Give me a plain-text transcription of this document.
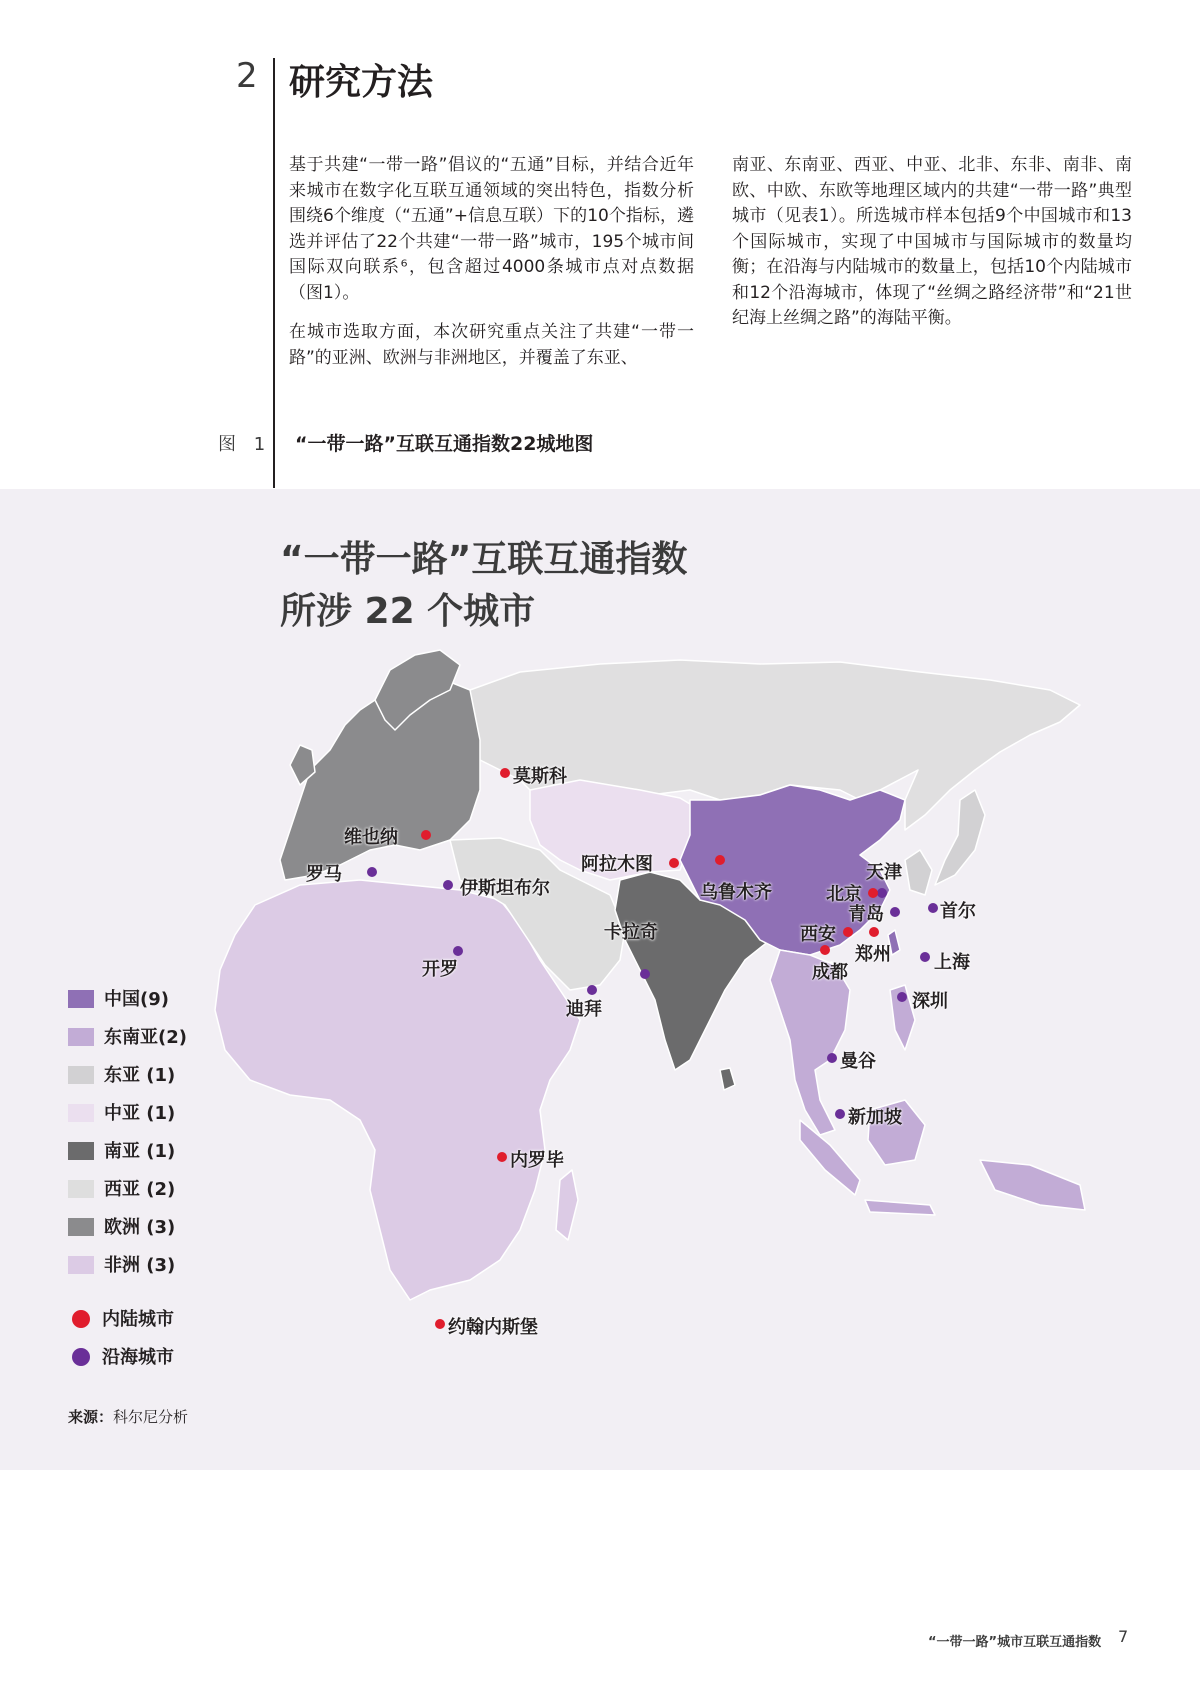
2 研究方法

基于共建“一带一路”倡议的“五通”目标，并结合近年来城市在数字化互联互通领域的突出特色，指数分析围绕6个维度（“五通”+信息互联）下的10个指标，遴选并评估了22个共建“一带一路”城市，195个城市间国际双向联系⁶，包含超过4000条城市点对点数据（图1）。

在城市选取方面，本次研究重点关注了共建“一带一路”的亚洲、欧洲与非洲地区，并覆盖了东亚、

南亚、东南亚、西亚、中亚、北非、东非、南非、南欧、中欧、东欧等地理区域内的共建“一带一路”典型城市（见表1）。所选城市样本包括9个中国城市和13个国际城市，实现了中国城市与国际城市的数量均衡；在沿海与内陆城市的数量上，包括10个内陆城市和12个沿海城市，体现了“丝绸之路经济带”和“21世纪海上丝绸之路”的海陆平衡。

图 1 “一带一路”互联互通指数22城地图
“一带一路”互联互通指数
所涉 22 个城市
中国(9)
东南亚(2)
东亚 (1)
中亚 (1)
南亚 (1)
西亚 (2)
欧洲 (3)
非洲 (3)
内陆城市
沿海城市
莫斯科
维也纳
罗马
伊斯坦布尔
开罗
阿拉木图
乌鲁木齐
卡拉奇
迪拜
天津
北京
青岛	首尔
西安
郑州
成都	上海
深圳
曼谷
新加坡
内罗毕
约翰内斯堡
来源：科尔尼分析
“一带一路”城市互联互通指数 7
